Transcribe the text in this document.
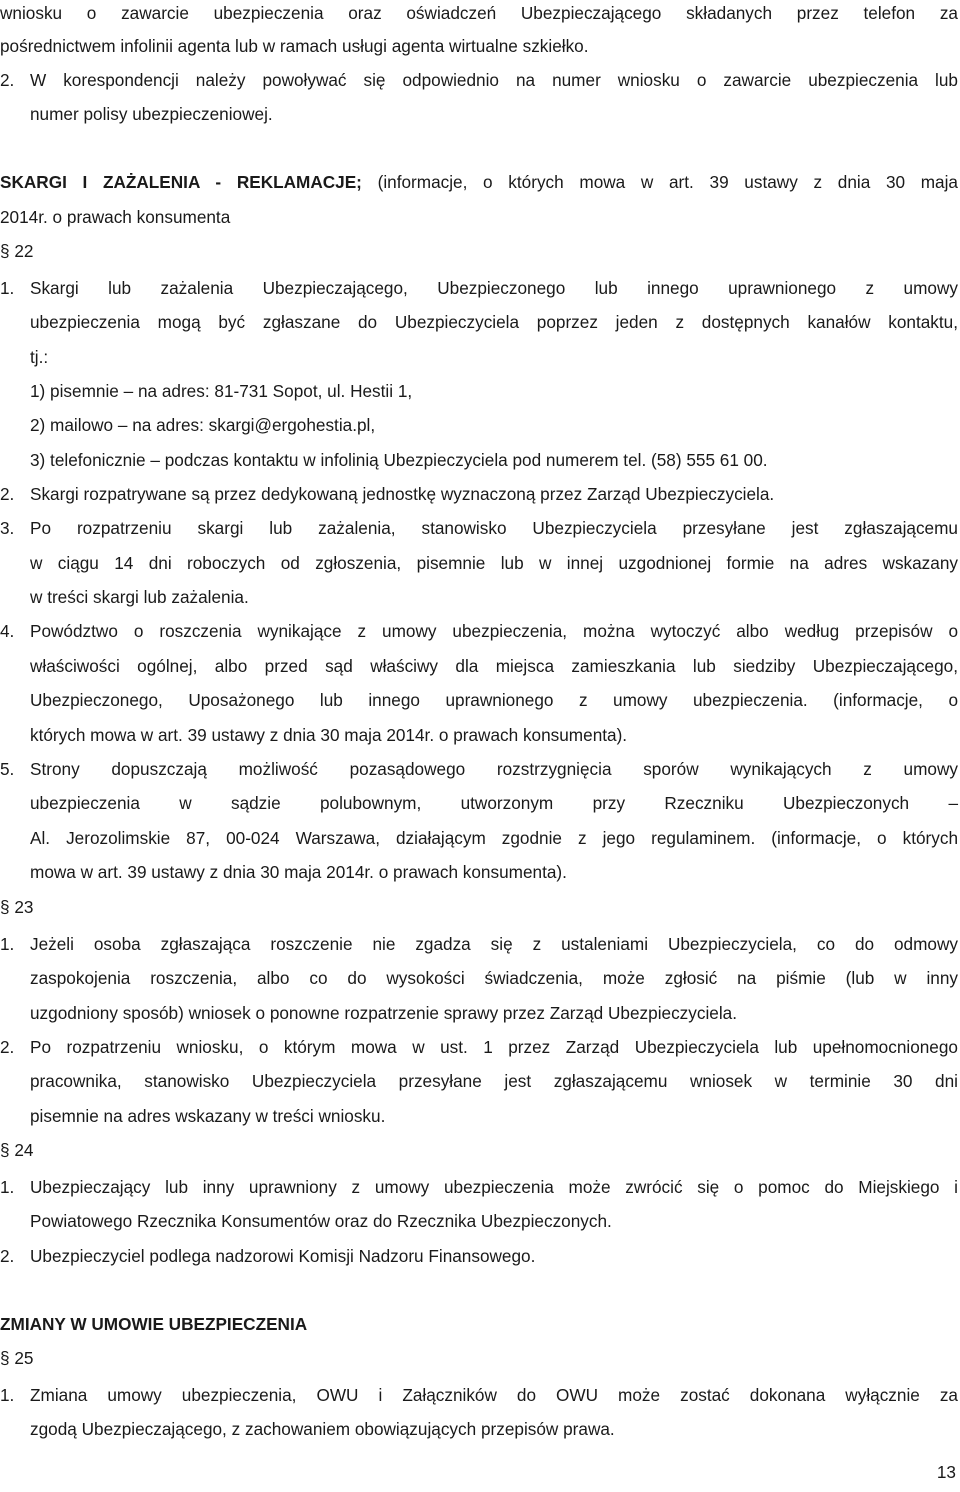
wniosku o zawarcie ubezpieczenia oraz oświadczeń Ubezpieczającego składanych przez telefon za
pośrednictwem infolinii agenta lub w ramach usługi agenta wirtualne szkiełko.
2. W korespondencji należy powoływać się odpowiednio na numer wniosku o zawarcie ubezpieczenia lub
numer polisy ubezpieczeniowej.
SKARGI I ZAŻALENIA - REKLAMACJE; (informacje, o których mowa w art. 39 ustawy z dnia 30 maja
2014r. o prawach konsumenta
§ 22
1. Skargi lub zażalenia Ubezpieczającego, Ubezpieczonego lub innego uprawnionego z umowy
ubezpieczenia mogą być zgłaszane do Ubezpieczyciela poprzez jeden z dostępnych kanałów kontaktu,
tj.:
1) pisemnie – na adres: 81-731 Sopot, ul. Hestii 1,
2) mailowo – na adres: skargi@ergohestia.pl,
3) telefonicznie – podczas kontaktu w infolinią Ubezpieczyciela pod numerem tel. (58) 555 61 00.
2. Skargi rozpatrywane są przez dedykowaną jednostkę wyznaczoną przez Zarząd Ubezpieczyciela.
3. Po rozpatrzeniu skargi lub zażalenia, stanowisko Ubezpieczyciela przesyłane jest zgłaszającemu
w ciągu 14 dni roboczych od zgłoszenia, pisemnie lub w innej uzgodnionej formie na adres wskazany
w treści skargi lub zażalenia.
4. Powództwo o roszczenia wynikające z umowy ubezpieczenia, można wytoczyć albo według przepisów o
właściwości ogólnej, albo przed sąd właściwy dla miejsca zamieszkania lub siedziby Ubezpieczającego,
Ubezpieczonego, Uposażonego lub innego uprawnionego z umowy ubezpieczenia. (informacje, o
których mowa w art. 39 ustawy z dnia 30 maja 2014r. o prawach konsumenta).
5. Strony dopuszczają możliwość pozasądowego rozstrzygnięcia sporów wynikających z umowy
ubezpieczenia w sądzie polubownym, utworzonym przy Rzeczniku Ubezpieczonych –
Al. Jerozolimskie 87, 00-024 Warszawa, działającym zgodnie z jego regulaminem. (informacje, o których
mowa w art. 39 ustawy z dnia 30 maja 2014r. o prawach konsumenta).
§ 23
1. Jeżeli osoba zgłaszająca roszczenie nie zgadza się z ustaleniami Ubezpieczyciela, co do odmowy
zaspokojenia roszczenia, albo co do wysokości świadczenia, może zgłosić na piśmie (lub w inny
uzgodniony sposób) wniosek o ponowne rozpatrzenie sprawy przez Zarząd Ubezpieczyciela.
2. Po rozpatrzeniu wniosku, o którym mowa w ust. 1 przez Zarząd Ubezpieczyciela lub upełnomocnionego
pracownika, stanowisko Ubezpieczyciela przesyłane jest zgłaszającemu wniosek w terminie 30 dni
pisemnie na adres wskazany w treści wniosku.
§ 24
1. Ubezpieczający lub inny uprawniony z umowy ubezpieczenia może zwrócić się o pomoc do Miejskiego i
Powiatowego Rzecznika Konsumentów oraz do Rzecznika Ubezpieczonych.
2. Ubezpieczyciel podlega nadzorowi Komisji Nadzoru Finansowego.
ZMIANY W UMOWIE UBEZPIECZENIA
§ 25
1. Zmiana umowy ubezpieczenia, OWU i Załączników do OWU może zostać dokonana wyłącznie za
zgodą Ubezpieczającego, z zachowaniem obowiązujących przepisów prawa.
13
